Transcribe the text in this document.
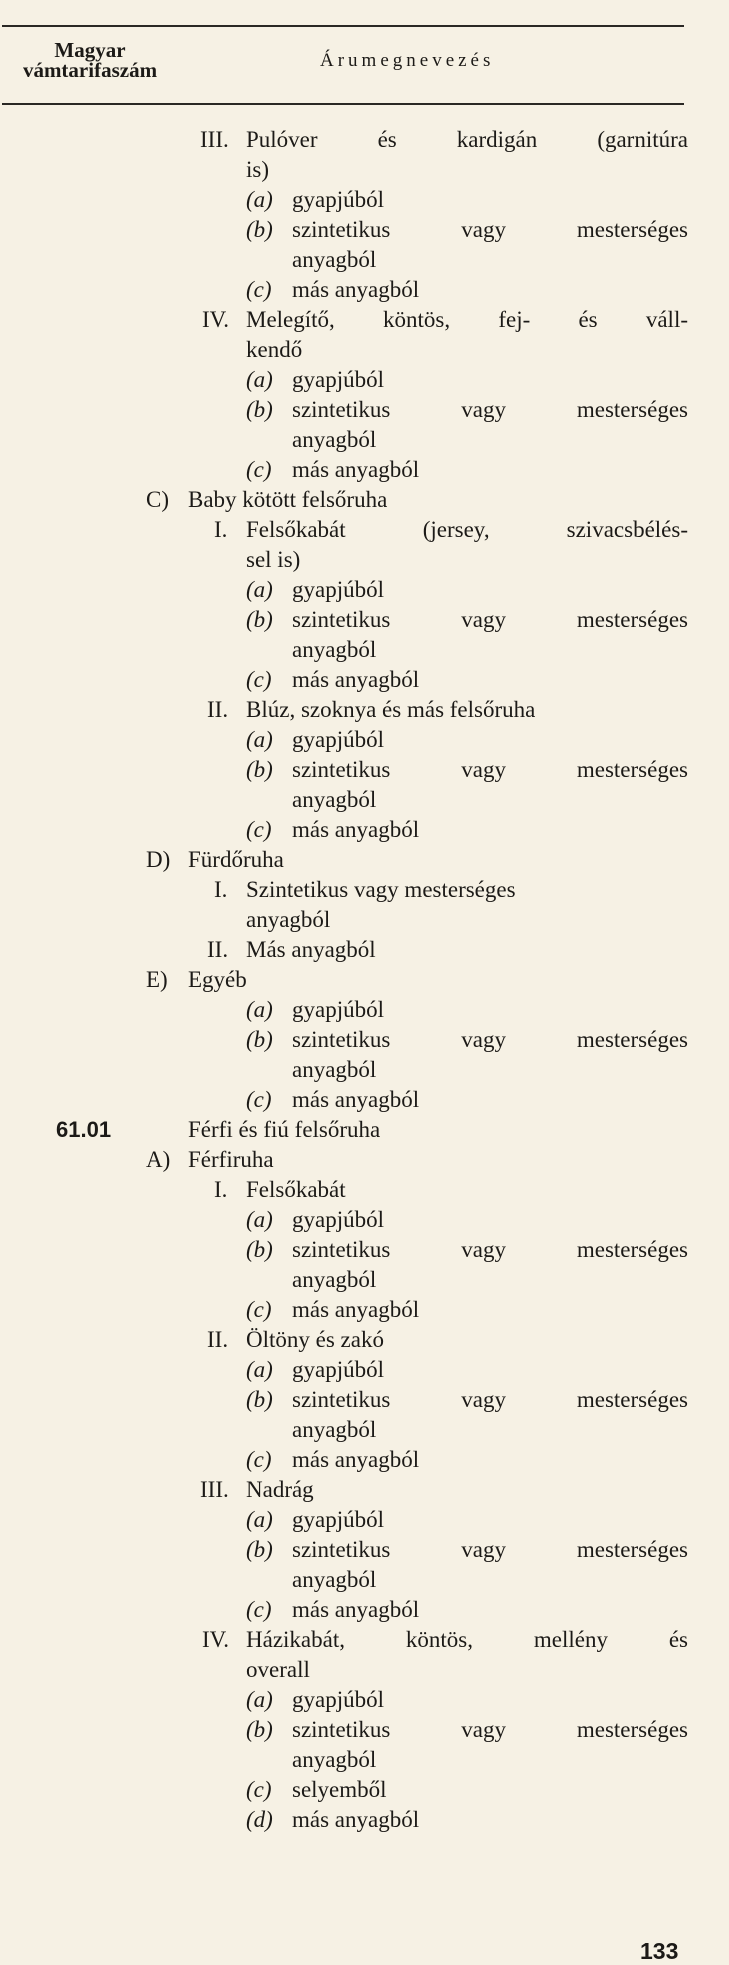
Magyar
vámtarifaszám	Árumegnevezés
III. Pulóver és kardigán (garnitúra
is)
(a) gyapjúból
(b) szintetikus vagy mesterséges
anyagból
(c) más anyagból
IV. Melegítő, köntös, fej- és váll-
kendő
(a) gyapjúból
(b) szintetikus vagy mesterséges
anyagból
(c) más anyagból
C) Baby kötött felsőruha
I. Felsőkabát (jersey, szivacsbélés-
sel is)
(a) gyapjúból
(b) szintetikus vagy mesterséges
anyagból
(c) más anyagból
II. Blúz, szoknya és más felsőruha
(a) gyapjúból
(b) szintetikus vagy mesterséges
anyagból
(c) más anyagból
D) Fürdőruha
I. Szintetikus vagy mesterséges
anyagból
II. Más anyagból
E) Egyéb
(a) gyapjúból
(b) szintetikus vagy mesterséges
anyagból
(c) más anyagból
61.01	Férfi és fiú felsőruha
A) Férfiruha
I. Felsőkabát
(a) gyapjúból
(b) szintetikus vagy mesterséges
anyagból
(c) más anyagból
II. Öltöny és zakó
(a) gyapjúból
(b) szintetikus vagy mesterséges
anyagból
(c) más anyagból
III. Nadrág
(a) gyapjúból
(b) szintetikus vagy mesterséges
anyagból
(c) más anyagból
IV. Házikabát, köntös, mellény és
overall
(a) gyapjúból
(b) szintetikus vagy mesterséges
anyagból
(c) selyemből
(d) más anyagból
133
